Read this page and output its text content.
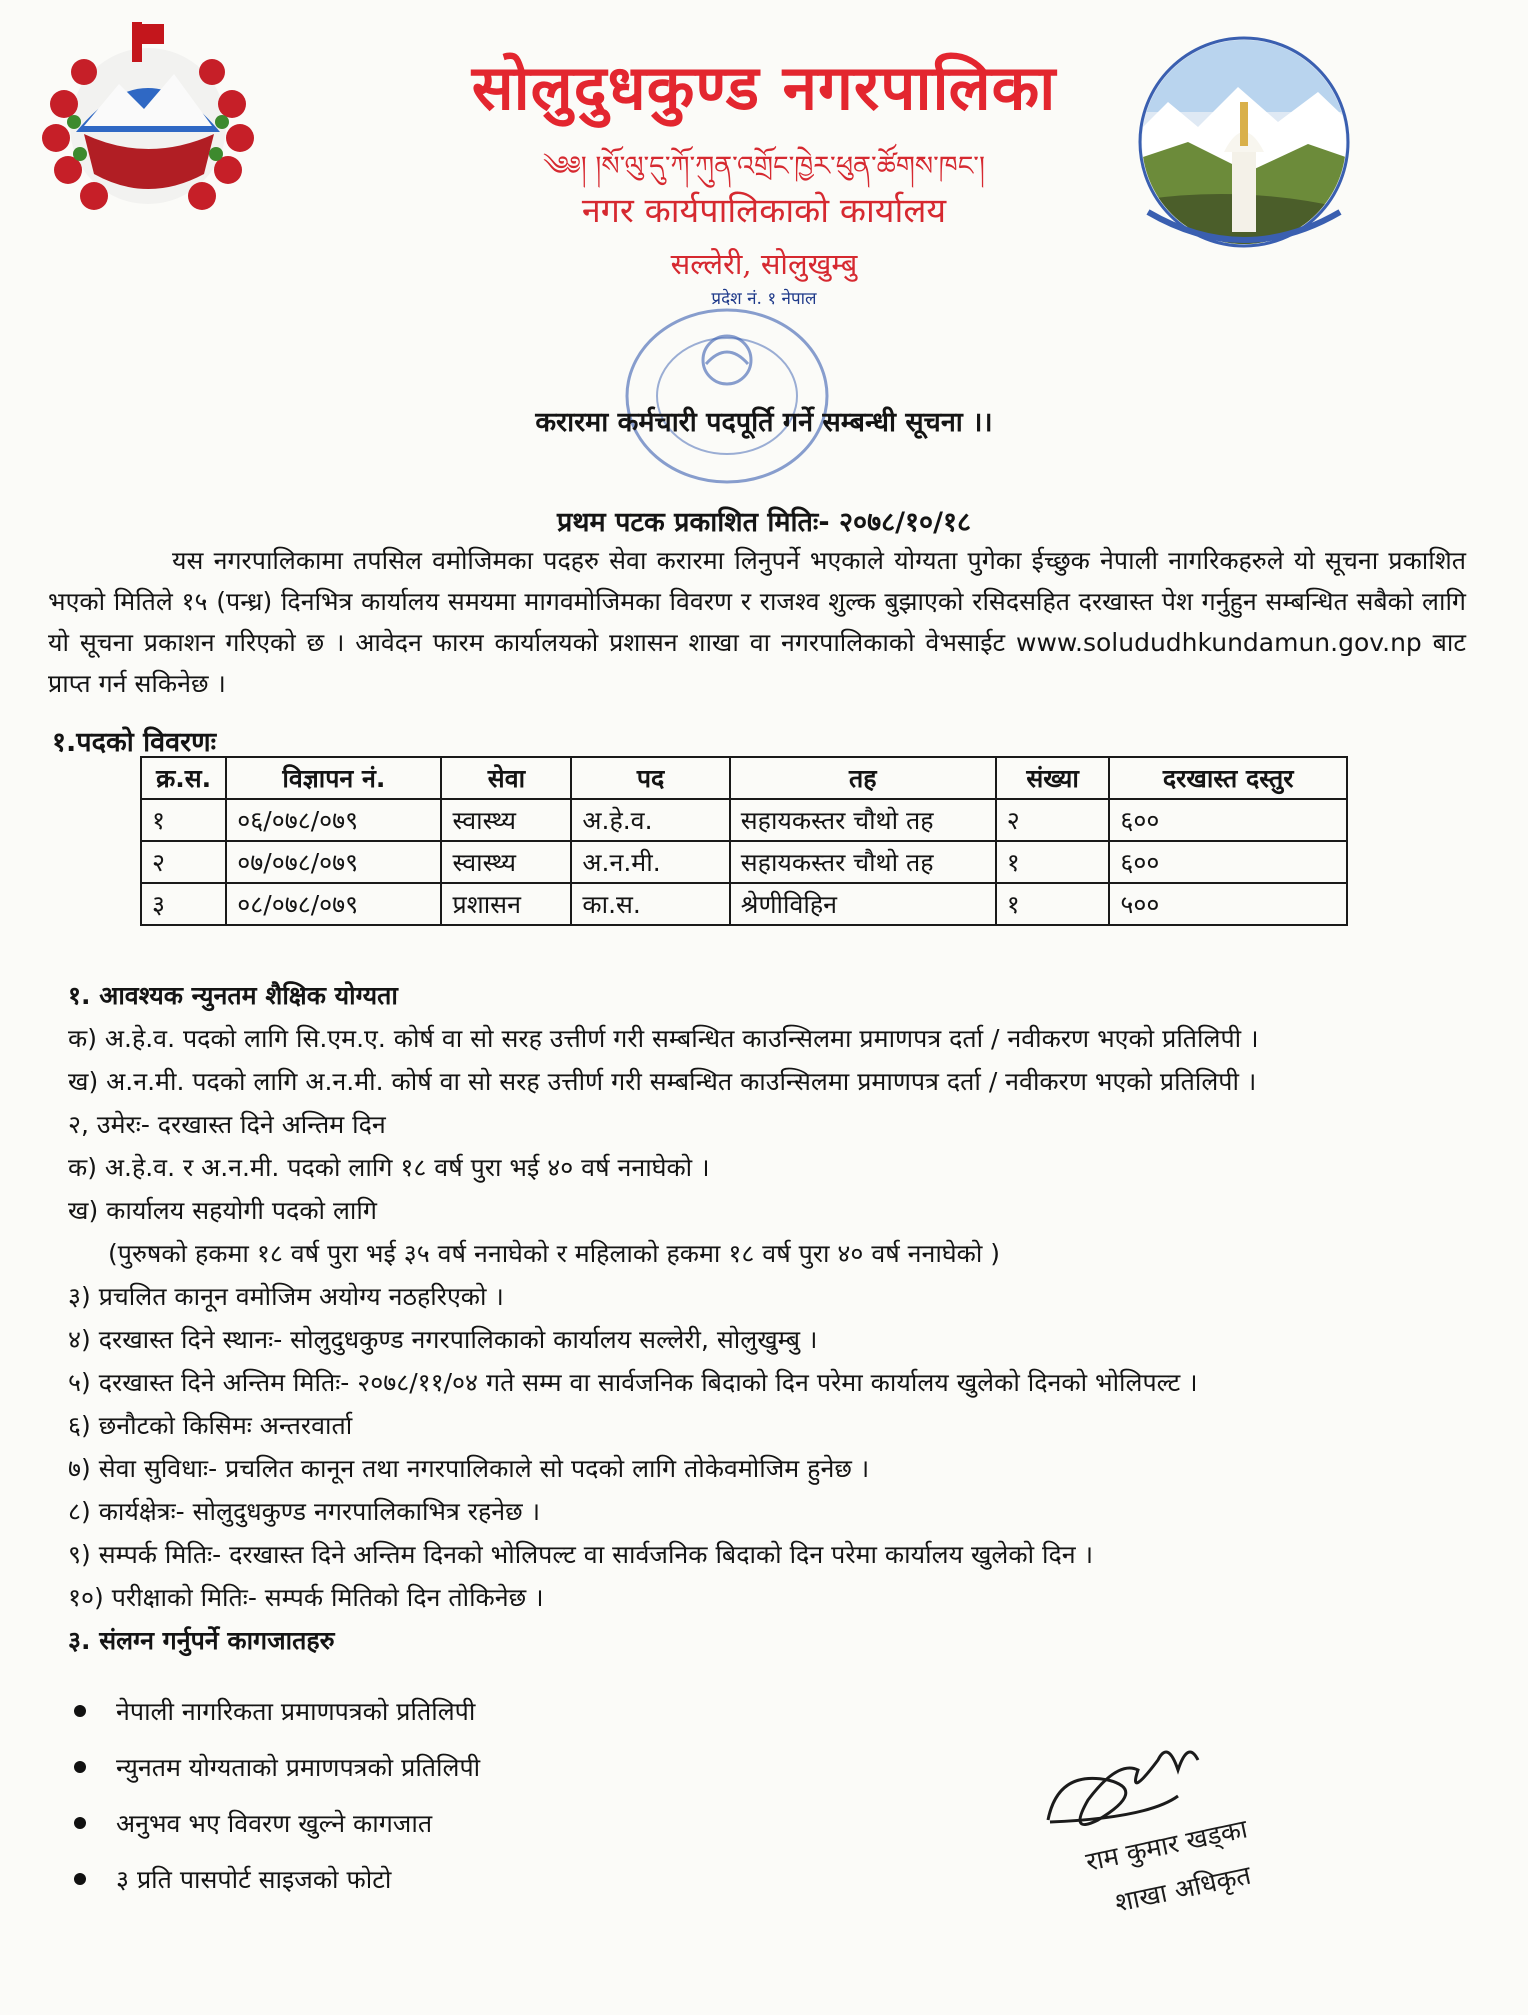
सोलुदुधकुण्ड नगरपालिका
༄༅། །སོ་ལུ་དུ་ཀོ་ཀུན་འགྲོང་ཁྱེར་ཕུན་ཚོགས་ཁང་།
नगर कार्यपालिकाको कार्यालय
सल्लेरी, सोलुखुम्बु
प्रदेश नं. १ नेपाल
करारमा कर्मचारी पदपूर्ति गर्ने सम्बन्धी सूचना ।।
प्रथम पटक प्रकाशित मितिः- २०७८/१०/१८
यस नगरपालिकामा तपसिल वमोजिमका पदहरु सेवा करारमा लिनुपर्ने भएकाले योग्यता पुगेका ईच्छुक नेपाली नागरिकहरुले यो सूचना प्रकाशित भएको मितिले १५ (पन्ध्र) दिनभित्र कार्यालय समयमा मागवमोजिमका विवरण र राजश्व शुल्क बुझाएको रसिदसहित दरखास्त पेश गर्नुहुन सम्बन्धित सबैको लागि यो सूचना प्रकाशन गरिएको छ । आवेदन फारम कार्यालयको प्रशासन शाखा वा नगरपालिकाको वेभसाईट www.solududhkundamun.gov.np बाट प्राप्त गर्न सकिनेछ ।
१.पदको विवरणः
क्र.स.	विज्ञापन नं.	सेवा	पद	तह	संख्या	दरखास्त दस्तुर
१	०६/०७८/०७९	स्वास्थ्य	अ.हे.व.	सहायकस्तर चौथो तह	२	६००
२	०७/०७८/०७९	स्वास्थ्य	अ.न.मी.	सहायकस्तर चौथो तह	१	६००
३	०८/०७८/०७९	प्रशासन	का.स.	श्रेणीविहिन	१	५००
१. आवश्यक न्युनतम शैक्षिक योग्यता
क) अ.हे.व. पदको लागि सि.एम.ए. कोर्ष वा सो सरह उत्तीर्ण गरी सम्बन्धित काउन्सिलमा प्रमाणपत्र दर्ता / नवीकरण भएको प्रतिलिपी ।
ख) अ.न.मी. पदको लागि अ.न.मी. कोर्ष वा सो सरह उत्तीर्ण गरी सम्बन्धित काउन्सिलमा प्रमाणपत्र दर्ता / नवीकरण भएको प्रतिलिपी ।
२, उमेरः- दरखास्त दिने अन्तिम दिन
क) अ.हे.व. र अ.न.मी. पदको लागि १८ वर्ष पुरा भई ४० वर्ष ननाघेको ।
ख) कार्यालय सहयोगी पदको लागि
(पुरुषको हकमा १८ वर्ष पुरा भई ३५ वर्ष ननाघेको र महिलाको हकमा १८ वर्ष पुरा ४० वर्ष ननाघेको )
३) प्रचलित कानून वमोजिम अयोग्य नठहरिएको ।
४) दरखास्त दिने स्थानः- सोलुदुधकुण्ड नगरपालिकाको कार्यालय सल्लेरी, सोलुखुम्बु ।
५) दरखास्त दिने अन्तिम मितिः- २०७८/११/०४ गते सम्म वा सार्वजनिक बिदाको दिन परेमा कार्यालय खुलेको दिनको भोलिपल्ट ।
६) छनौटको किसिमः अन्तरवार्ता
७) सेवा सुविधाः- प्रचलित कानून तथा नगरपालिकाले सो पदको लागि तोकेवमोजिम हुनेछ ।
८) कार्यक्षेत्रः- सोलुदुधकुण्ड नगरपालिकाभित्र रहनेछ ।
९) सम्पर्क मितिः- दरखास्त दिने अन्तिम दिनको भोलिपल्ट वा सार्वजनिक बिदाको दिन परेमा कार्यालय खुलेको दिन ।
१०) परीक्षाको मितिः- सम्पर्क मितिको दिन तोकिनेछ ।
३. संलग्न गर्नुपर्ने कागजातहरु
नेपाली नागरिकता प्रमाणपत्रको प्रतिलिपी
न्युनतम योग्यताको प्रमाणपत्रको प्रतिलिपी
अनुभव भए विवरण खुल्ने कागजात
३ प्रति पासपोर्ट साइजको फोटो
राम कुमार खड्का
शाखा अधिकृत
